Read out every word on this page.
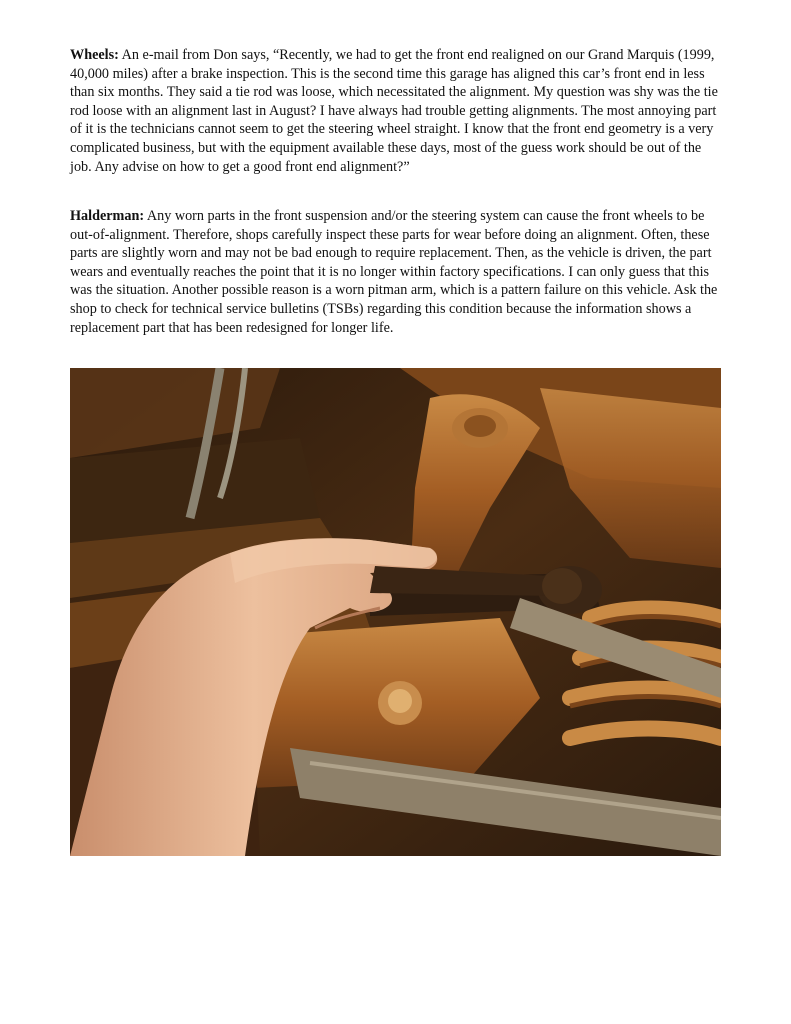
Wheels: An e-mail from Don says, “Recently, we had to get the front end realigned on our Grand Marquis (1999, 40,000 miles) after a brake inspection. This is the second time this garage has aligned this car’s front end in less than six months. They said a tie rod was loose, which necessitated the alignment. My question was shy was the tie rod loose with an alignment last in August? I have always had trouble getting alignments. The most annoying part of it is the technicians cannot seem to get the steering wheel straight. I know that the front end geometry is a very complicated business, but with the equipment available these days, most of the guess work should be out of the job. Any advise on how to get a good front end alignment?”

Halderman: Any worn parts in the front suspension and/or the steering system can cause the front wheels to be out-of-alignment. Therefore, shops carefully inspect these parts for wear before doing an alignment. Often, these parts are slightly worn and may not be bad enough to require replacement. Then, as the vehicle is driven, the part wears and eventually reaches the point that it is no longer within factory specifications. I can only guess that this was the situation. Another possible reason is a worn pitman arm, which is a pattern failure on this vehicle. Ask the shop to check for technical service bulletins (TSBs) regarding this condition because the information shows a replacement part that has been redesigned for longer life.
